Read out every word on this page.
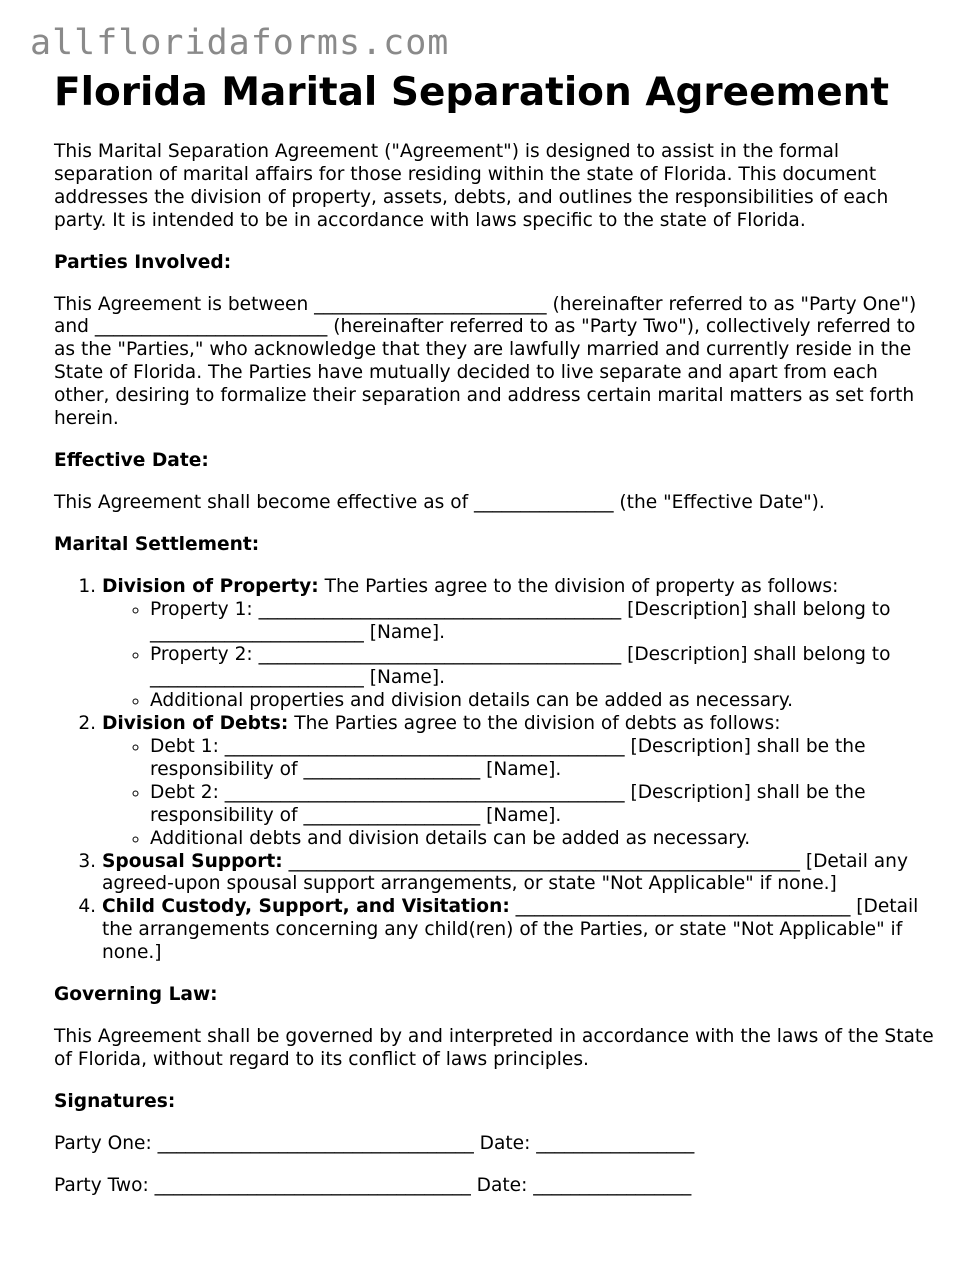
allfloridaforms.com
Florida Marital Separation Agreement

This Marital Separation Agreement ("Agreement") is designed to assist in the formal separation of marital affairs for those residing within the state of Florida. This document addresses the division of property, assets, debts, and outlines the responsibilities of each party. It is intended to be in accordance with laws specific to the state of Florida.

Parties Involved:

This Agreement is between _________________________ (hereinafter referred to as "Party One") and _________________________ (hereinafter referred to as "Party Two"), collectively referred to as the "Parties," who acknowledge that they are lawfully married and currently reside in the State of Florida. The Parties have mutually decided to live separate and apart from each other, desiring to formalize their separation and address certain marital matters as set forth herein.

Effective Date:

This Agreement shall become effective as of _______________ (the "Effective Date").

Marital Settlement:
1. Division of Property: The Parties agree to the division of property as follows:
◦ Property 1: _______________________________________ [Description] shall belong to _______________________ [Name].
◦ Property 2: _______________________________________ [Description] shall belong to _______________________ [Name].
◦ Additional properties and division details can be added as necessary.
2. Division of Debts: The Parties agree to the division of debts as follows:
◦ Debt 1: ___________________________________________ [Description] shall be the responsibility of ___________________ [Name].
◦ Debt 2: ___________________________________________ [Description] shall be the responsibility of ___________________ [Name].
◦ Additional debts and division details can be added as necessary.
3. Spousal Support: _______________________________________________________ [Detail any agreed-upon spousal support arrangements, or state "Not Applicable" if none.]
4. Child Custody, Support, and Visitation: ____________________________________ [Detail the arrangements concerning any child(ren) of the Parties, or state "Not Applicable" if none.]
Governing Law:

This Agreement shall be governed by and interpreted in accordance with the laws of the State of Florida, without regard to its conflict of laws principles.

Signatures:

Party One: __________________________________ Date: _________________

Party Two: __________________________________ Date: _________________
